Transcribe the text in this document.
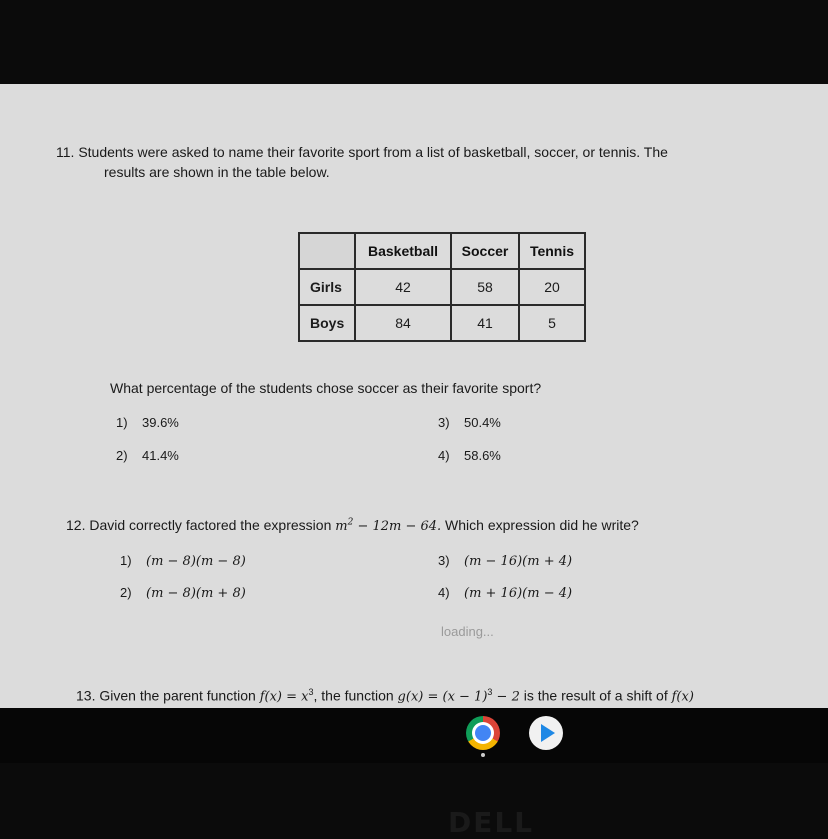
11. Students were asked to name their favorite sport from a list of basketball, soccer, or tennis. The
results are shown in the table below.
	Basketball	Soccer	Tennis
Girls	42	58	20
Boys	84	41	5
What percentage of the students chose soccer as their favorite sport?
1) 39.6%
2) 41.4%
3) 50.4%
4) 58.6%
12. David correctly factored the expression $m^2 - 12m - 64$. Which expression did he write?
1) (m − 8)(m − 8)
2) (m − 8)(m + 8)
3) (m − 16)(m + 4)
4) (m + 16)(m − 4)
loading...
13. Given the parent function $f(x) = x^3$, the function $g(x) = (x - 1)^3 - 2$ is the result of a shift of f(x)
DELL
